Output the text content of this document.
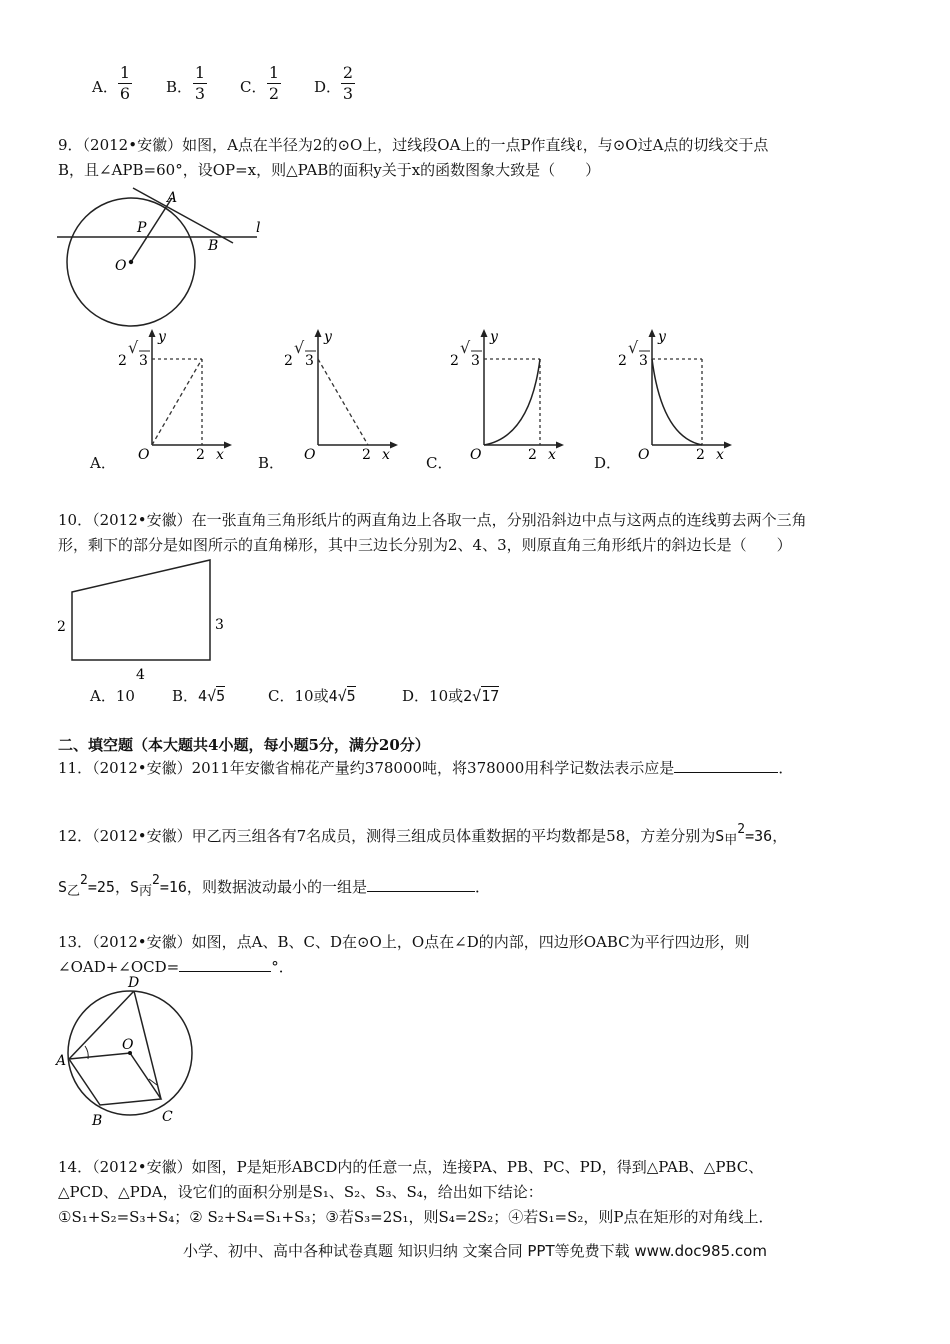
A．
1
6 B．
1
3 C．
1
2 D．
2
3
9．（2012•安徽）如图，A点在半径为2的⊙O上，过线段OA上的一点P作直线ℓ，与⊙O过A点的切线交于点
B，且∠APB=60°，设OP=x，则△PAB的面积y关于x的函数图象大致是（　　）
A
P
B
O
l
y
2
√
3
O	2 x
A．
y
2
√
3
O	2 x
B．
y
2
√
3
O	2 x
C．
y
2
√
3
O	2 x
D．
10．（2012•安徽）在一张直角三角形纸片的两直角边上各取一点，分别沿斜边中点与这两点的连线剪去两个三角
形，剩下的部分是如图所示的直角梯形，其中三边长分别为2、4、3，则原直角三角形纸片的斜边长是（　　）
2	3
4
A．10 B．4√5	C．10或4√5	D．10或2√17
二、填空题（本大题共4小题，每小题5分，满分20分）
11．（2012•安徽）2011年安徽省棉花产量约378000吨，将378000用科学记数法表示应是	．
12．（2012•安徽）甲乙丙三组各有7名成员，测得三组成员体重数据的平均数都是58，方差分别为S甲2=36，
S乙2=25，S丙2=16，则数据波动最小的一组是	．
13．（2012•安徽）如图，点A、B、C、D在⊙O上，O点在∠D的内部，四边形OABC为平行四边形，则
∠OAD+∠OCD=	°．
D
A
O
B	C
14．（2012•安徽）如图，P是矩形ABCD内的任意一点，连接PA、PB、PC、PD，得到△PAB、△PBC、
△PCD、△PDA，设它们的面积分别是S₁、S₂、S₃、S₄，给出如下结论：
①S₁+S₂=S₃+S₄；② S₂+S₄=S₁+S₃；③若S₃=2S₁，则S₄=2S₂；④若S₁=S₂，则P点在矩形的对角线上．
小学、初中、高中各种试卷真题 知识归纳 文案合同 PPT等免费下载 www.doc985.com
